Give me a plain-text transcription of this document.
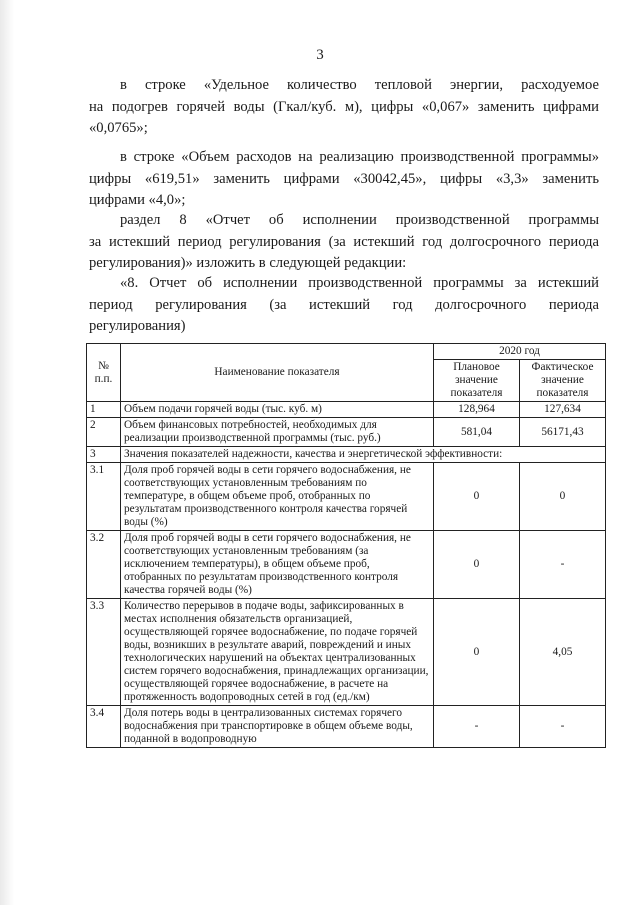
3

в строке «Удельное количество тепловой энергии, расходуемое

на подогрев горячей воды (Гкал/куб. м), цифры «0,067» заменить цифрами

«0,0765»;

в строке «Объем расходов на реализацию производственной программы»

цифры «619,51» заменить цифрами «30042,45», цифры «3,3» заменить

цифрами «4,0»;

раздел 8 «Отчет об исполнении производственной программы

за истекший период регулирования (за истекший год долгосрочного периода

регулирования)» изложить в следующей редакции:

«8. Отчет об исполнении производственной программы за истекший

период регулирования (за истекший год долгосрочного периода

регулирования)

№ п.п.	Наименование показателя	2020 год	
		Плановое значение показателя	Фактическое значение показателя
1	Объем подачи горячей воды (тыс. куб. м)	128,964	127,634
2	Объем финансовых потребностей, необходимых для реализации производственной программы (тыс. руб.)	581,04	56171,43
3	Значения показателей надежности, качества и энергетической эффективности:		
3.1	Доля проб горячей воды в сети горячего водоснабжения, не соответствующих установленным требованиям по температуре, в общем объеме проб, отобранных по результатам производственного контроля качества горячей воды (%)	0	0
3.2	Доля проб горячей воды в сети горячего водоснабжения, не соответствующих установленным требованиям (за исключением температуры), в общем объеме проб, отобранных по результатам производственного контроля качества горячей воды (%)	0	-
3.3	Количество перерывов в подаче воды, зафиксированных в местах исполнения обязательств организацией, осуществляющей горячее водоснабжение, по подаче горячей воды, возникших в результате аварий, повреждений и иных технологических нарушений на объектах централизованных систем горячего водоснабжения, принадлежащих организации, осуществляющей горячее водоснабжение, в расчете на протяженность водопроводных сетей в год (ед./км)	0	4,05
3.4	Доля потерь воды в централизованных системах горячего водоснабжения при транспортировке в общем объеме воды, поданной в водопроводную	-	-
